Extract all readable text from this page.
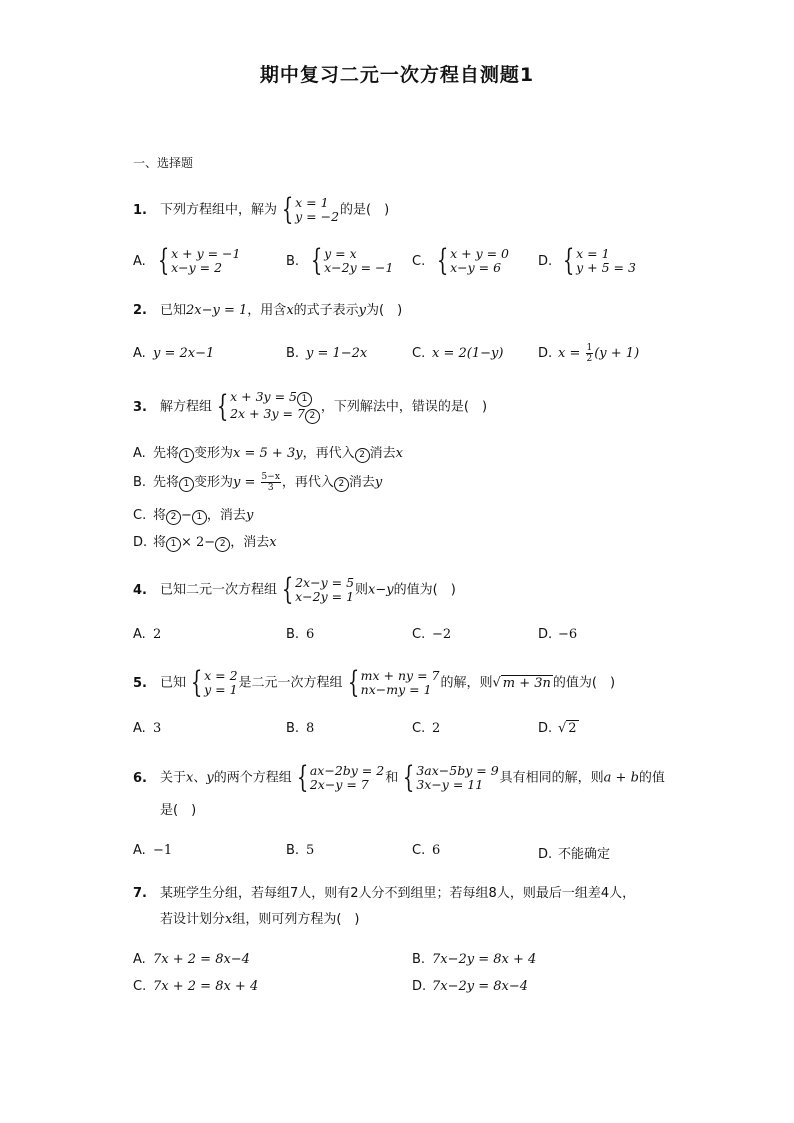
期中复习二元一次方程自测题1
一、选择题
1. 下列方程组中，解为 { x = 1
y = −2 的是(　)
A. { x + y = −1
x−y = 2	B. { y = x
x−2y = −1 C. { x + y = 0
x−y = 6	D. { x = 1
y + 5 = 3
2. 已知2x−y = 1，用含x的式子表示y为(　)
A. y = 2x−1	B. y = 1−2x	C. x = 2(1−y)	D. $x = \frac{1}{2} (y + 1)$
3. 解方程组 { x + 3y = 5 1
2x + 3y = 7 2
，下列解法中，错误的是(　)
A. 先将 1 变形为x = 5 + 3y，再代入 2 消去x
B. 先将 1 变形为$y = \frac{5-x}{3}$ ，再代入 2 消去y
C. 将 2 − 1 ，消去y
D. 将 1 × 2− 2 ，消去x
4. 已知二元一次方程组 { 2x−y = 5
x−2y = 1 则x−y的值为(　)
A. 2	B. 6	C. −2	D. −6
5. 已知 { x = 2
y = 1 是二元一次方程组 { mx + ny = 7
nx−my = 1 的解，则√ m + 3n 的值为(　)
A. 3	B. 8	C. 2	D. √ 2
6. 关于x、y的两个方程组 { ax−2by = 2
2x−y = 7	和 { 3ax−5by = 9
3x−y = 11	具有相同的解，则a + b的值
是(　)
A. −1	B. 5	C. 6	D. 不能确定
7. 某班学生分组，若每组7人，则有2人分不到组里；若每组8人，则最后一组差4人，
若设计划分x组，则可列方程为(　)
A. 7x + 2 = 8x−4	B. 7x−2y = 8x + 4
C. 7x + 2 = 8x + 4	D. 7x−2y = 8x−4
